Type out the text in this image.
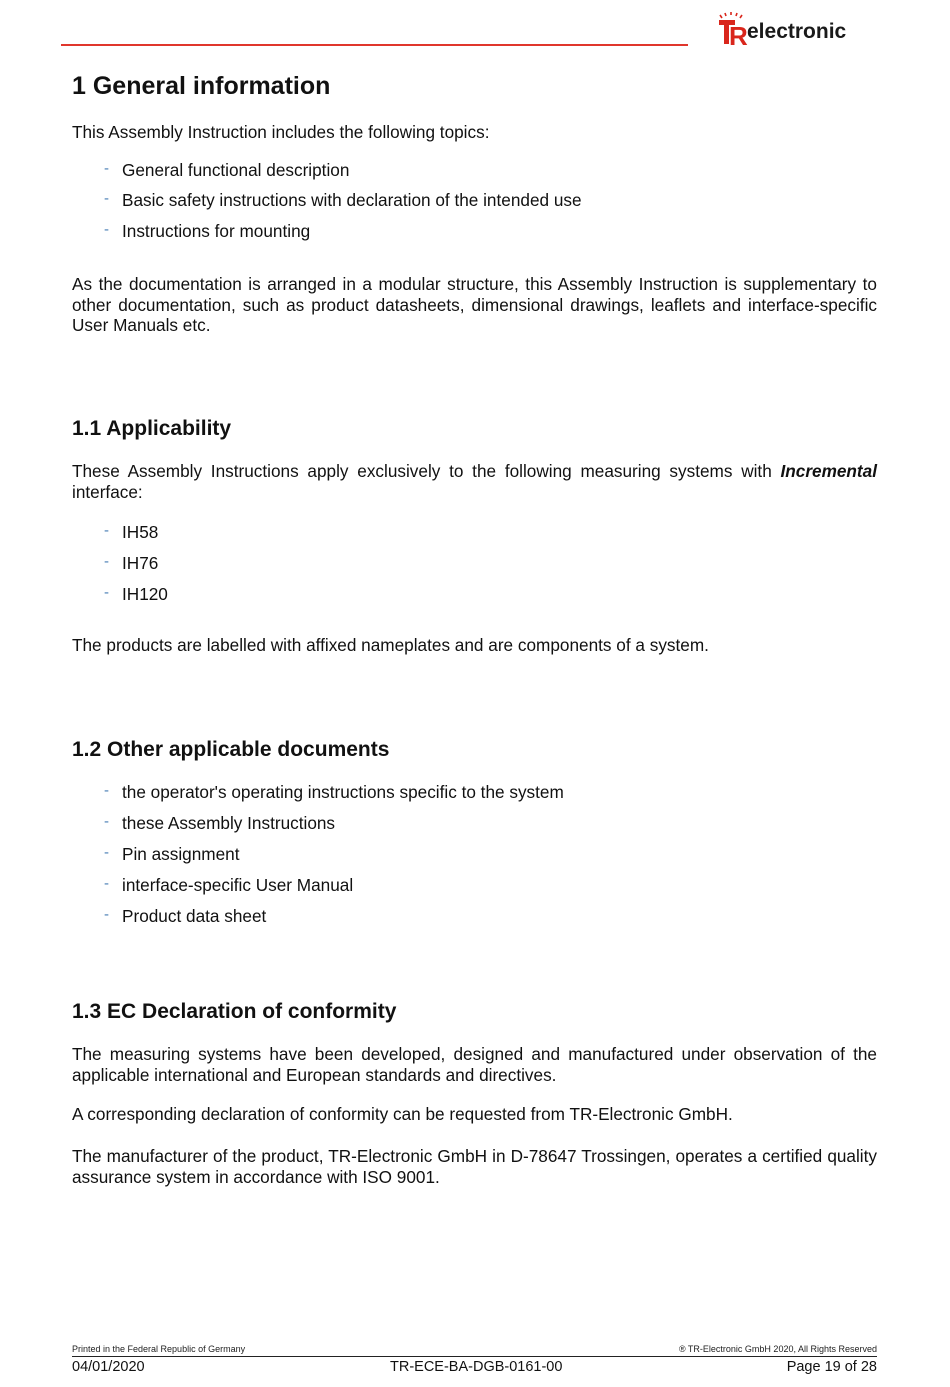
R electronic
1 General information
This Assembly Instruction includes the following topics:
- General functional description
- Basic safety instructions with declaration of the intended use
- Instructions for mounting
As the documentation is arranged in a modular structure, this Assembly Instruction is supplementary to other documentation, such as product datasheets, dimensional drawings, leaflets and interface-specific User Manuals etc.
1.1 Applicability
These Assembly Instructions apply exclusively to the following measuring systems with Incremental interface:
- IH58
- IH76
- IH120
The products are labelled with affixed nameplates and are components of a system.
1.2 Other applicable documents
- the operator's operating instructions specific to the system
- these Assembly Instructions
- Pin assignment
- interface-specific User Manual
- Product data sheet
1.3 EC Declaration of conformity
The measuring systems have been developed, designed and manufactured under observation of the applicable international and European standards and directives.
A corresponding declaration of conformity can be requested from TR-Electronic GmbH.
The manufacturer of the product, TR-Electronic GmbH in D-78647 Trossingen, operates a certified quality assurance system in accordance with ISO 9001.
Printed in the Federal Republic of Germany	® TR-Electronic GmbH 2020, All Rights Reserved
04/01/2020	TR-ECE-BA-DGB-0161-00	Page 19 of 28
